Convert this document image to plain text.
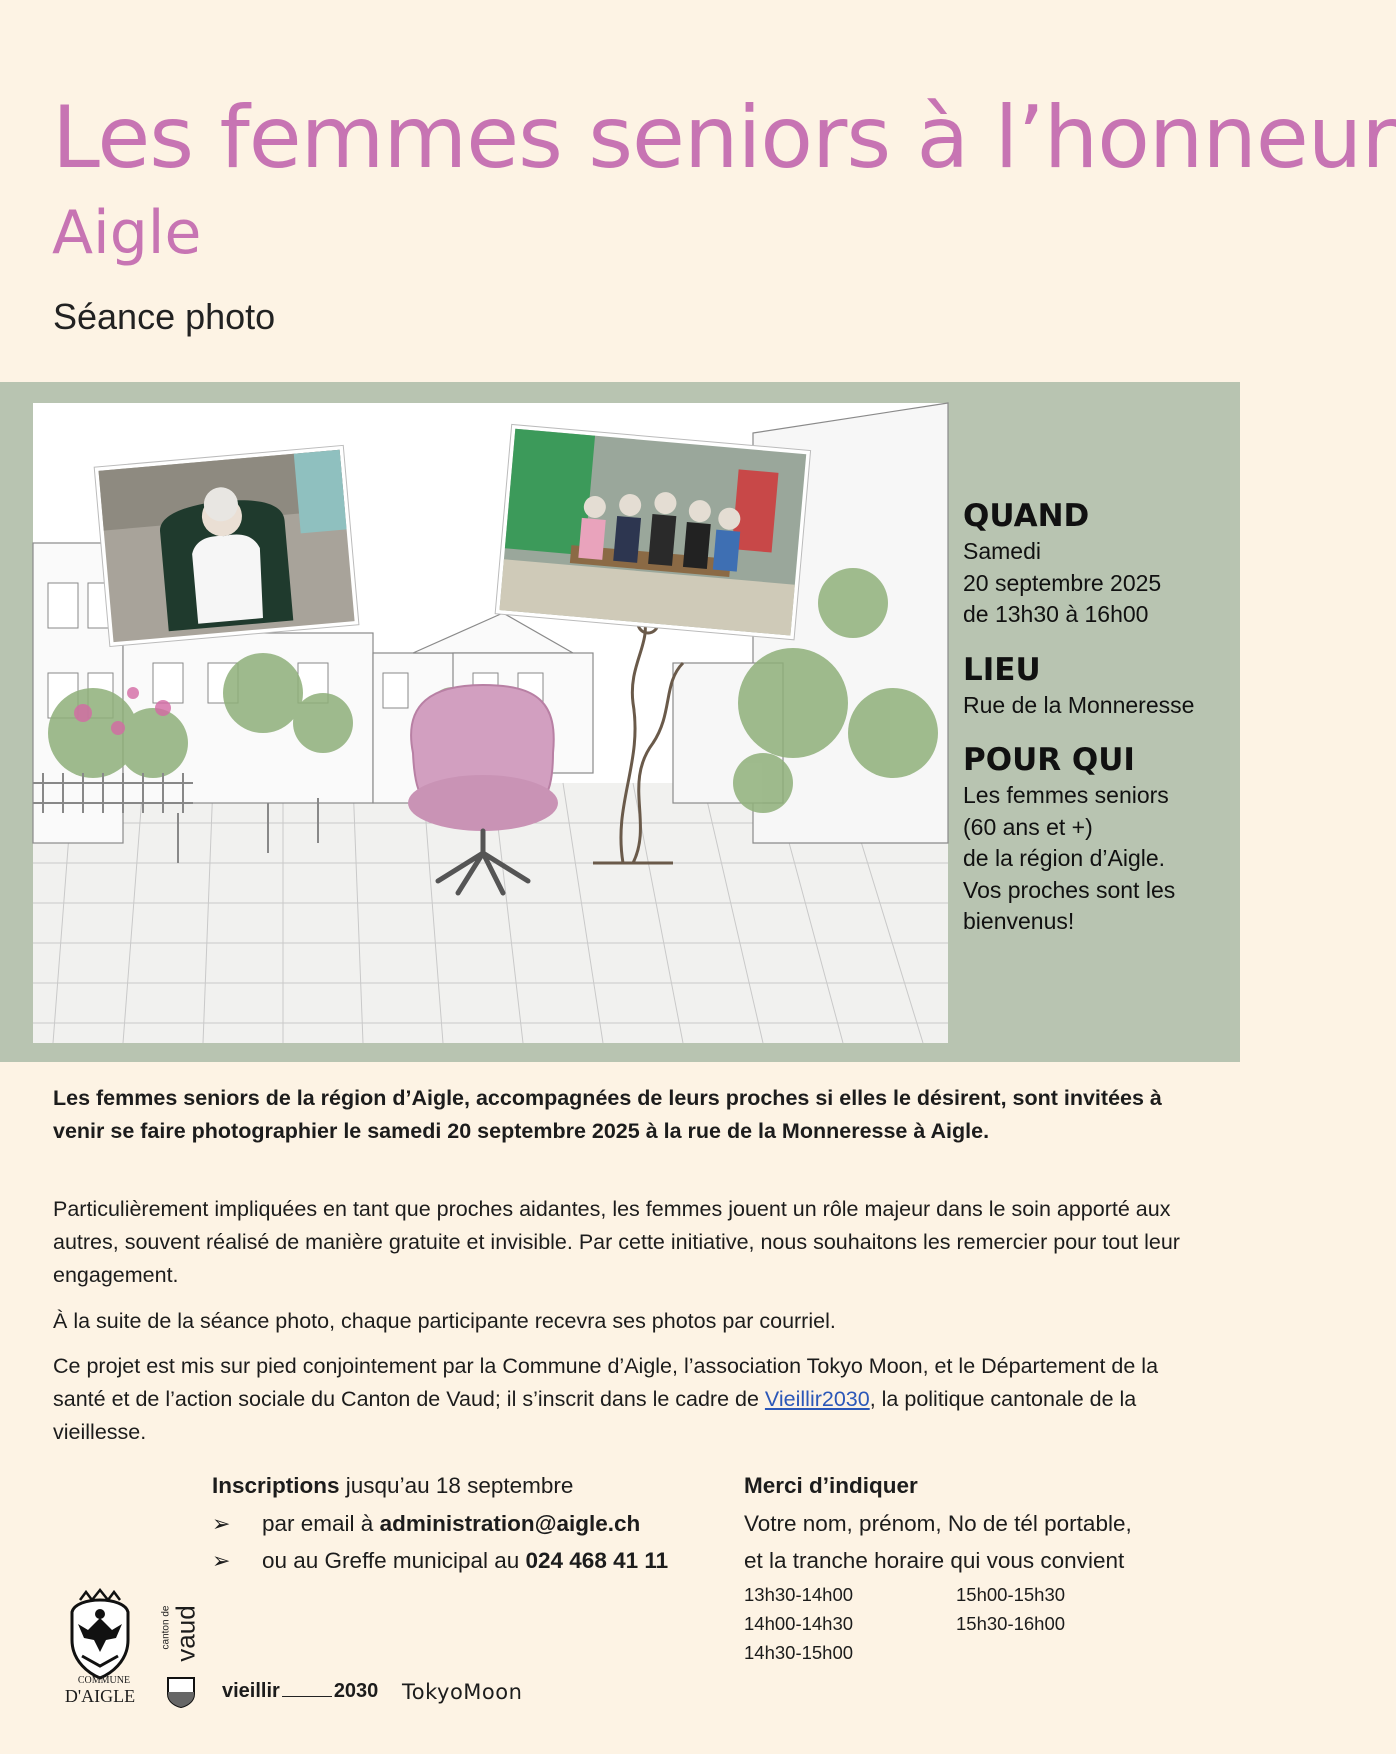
Les femmes seniors à l’honneur
Aigle
Séance photo
QUAND
Samedi
20 septembre 2025
de 13h30 à 16h00
LIEU
Rue de la Monneresse
POUR QUI
Les femmes seniors
(60 ans et +)
de la région d’Aigle.
Vos proches sont les
bienvenus!
Les femmes seniors de la région d’Aigle, accompagnées de leurs proches si elles le désirent, sont invitées à venir se faire photographier le samedi 20 septembre 2025 à la rue de la Monneresse à Aigle.
Particulièrement impliquées en tant que proches aidantes, les femmes jouent un rôle majeur dans le soin apporté aux autres, souvent réalisé de manière gratuite et invisible. Par cette initiative, nous souhaitons les remercier pour tout leur engagement.
À la suite de la séance photo, chaque participante recevra ses photos par courriel.
Ce projet est mis sur pied conjointement par la Commune d’Aigle, l’association Tokyo Moon, et le Département de la santé et de l’action sociale du Canton de Vaud; il s’inscrit dans le cadre de Vieillir2030, la politique cantonale de la vieillesse.
Inscriptions jusqu’au 18 septembre
➢ par email à administration@aigle.ch
➢ ou au Greffe municipal au 024 468 41 11
Merci d’indiquer
Votre nom, prénom, No de tél portable,
et la tranche horaire qui vous convient
13h30-14h00
14h00-14h30
14h30-15h00
15h00-15h30
15h30-16h00
COMMUNE
D'AIGLE
canton de vaud
vieillir	2030 TokyoMoon
